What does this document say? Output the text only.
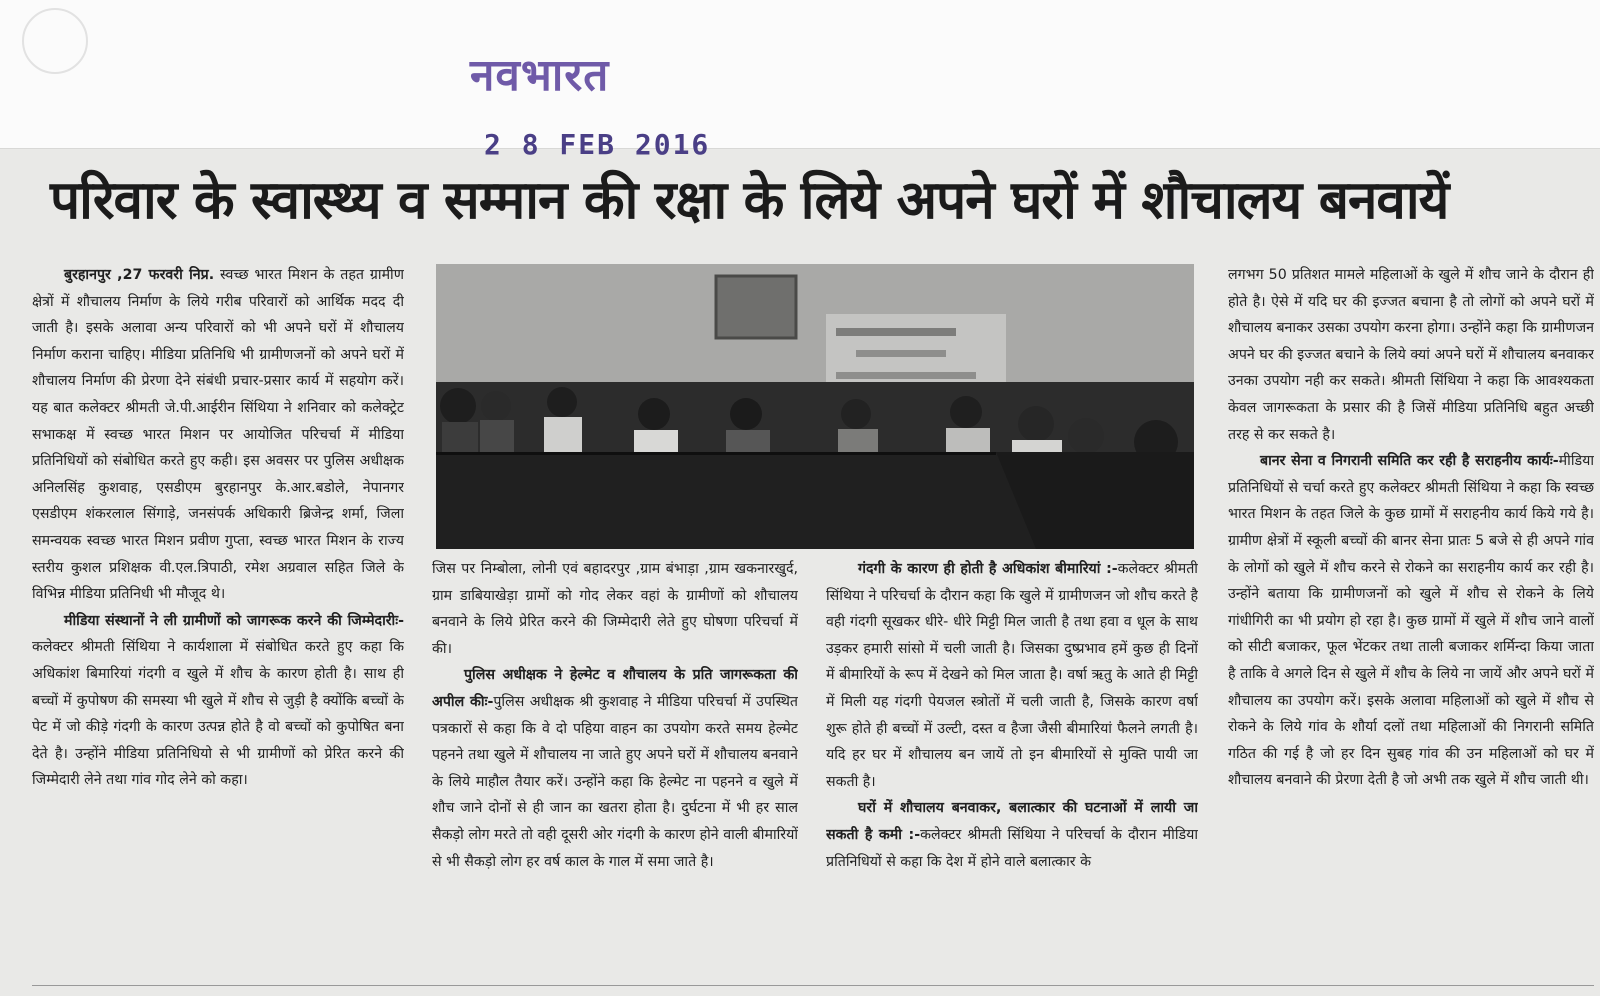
नवभारत

2 8 FEB 2016

परिवार के स्वास्थ्य व सम्मान की रक्षा के लिये अपने घरों में शौचालय बनवायें

बुरहानपुर ,27 फरवरी निप्र. स्वच्छ भारत मिशन के तहत ग्रामीण क्षेत्रों में शौचालय निर्माण के लिये गरीब परिवारों को आर्थिक मदद दी जाती है। इसके अलावा अन्य परिवारों को भी अपने घरों में शौचालय निर्माण कराना चाहिए। मीडिया प्रतिनिधि भी ग्रामीणजनों को अपने घरों में शौचालय निर्माण की प्रेरणा देने संबंधी प्रचार-प्रसार कार्य में सहयोग करें। यह बात कलेक्टर श्रीमती जे.पी.आईरीन सिंथिया ने शनिवार को कलेक्ट्रेट सभाकक्ष में स्वच्छ भारत मिशन पर आयोजित परिचर्चा में मीडिया प्रतिनिधियों को संबोधित करते हुए कही। इस अवसर पर पुलिस अधीक्षक अनिलसिंह कुशवाह, एसडीएम बुरहानपुर के.आर.बडोले, नेपानगर एसडीएम शंकरलाल सिंगाड़े, जनसंपर्क अधिकारी ब्रिजेन्द्र शर्मा, जिला समन्वयक स्वच्छ भारत मिशन प्रवीण गुप्ता, स्वच्छ भारत मिशन के राज्य स्तरीय कुशल प्रशिक्षक वी.एल.त्रिपाठी, रमेश अग्रवाल सहित जिले के विभिन्न मीडिया प्रतिनिधी भी मौजूद थे।

मीडिया संस्थानों ने ली ग्रामीणों को जागरूक करने की जिम्मेदारीः-कलेक्टर श्रीमती सिंथिया ने कार्यशाला में संबोधित करते हुए कहा कि अधिकांश बिमारियां गंदगी व खुले में शौच के कारण होती है। साथ ही बच्चों में कुपोषण की समस्या भी खुले में शौच से जुड़ी है क्योंकि बच्चों के पेट में जो कीड़े गंदगी के कारण उत्पन्न होते है वो बच्चों को कुपोषित बना देते है। उन्होंने मीडिया प्रतिनिधियो से भी ग्रामीणों को प्रेरित करने की जिम्मेदारी लेने तथा गांव गोद लेने को कहा।

जिस पर निम्बोला, लोनी एवं बहादरपुर ,ग्राम बंभाड़ा ,ग्राम खकनारखुर्द, ग्राम डाबियाखेड़ा ग्रामों को गोद लेकर वहां के ग्रामीणों को शौचालय बनवाने के लिये प्रेरित करने की जिम्मेदारी लेते हुए घोषणा परिचर्चा में की।

पुलिस अधीक्षक ने हेल्मेट व शौचालय के प्रति जागरूकता की अपील कीः-पुलिस अधीक्षक श्री कुशवाह ने मीडिया परिचर्चा में उपस्थित पत्रकारों से कहा कि वे दो पहिया वाहन का उपयोग करते समय हेल्मेट पहनने तथा खुले में शौचालय ना जाते हुए अपने घरों में शौचालय बनवाने के लिये माहौल तैयार करें। उन्होंने कहा कि हेल्मेट ना पहनने व खुले में शौच जाने दोनों से ही जान का खतरा होता है। दुर्घटना में भी हर साल सैकड़ो लोग मरते तो वही दूसरी ओर गंदगी के कारण होने वाली बीमारियों से भी सैकड़ो लोग हर वर्ष काल के गाल में समा जाते है।

गंदगी के कारण ही होती है अधिकांश बीमारियां :-कलेक्टर श्रीमती सिंथिया ने परिचर्चा के दौरान कहा कि खुले में ग्रामीणजन जो शौच करते है वही गंदगी सूखकर धीरे- धीरे मिट्टी मिल जाती है तथा हवा व धूल के साथ उड़कर हमारी सांसो में चली जाती है। जिसका दुष्प्रभाव हमें कुछ ही दिनों में बीमारियों के रूप में देखने को मिल जाता है। वर्षा ऋतु के आते ही मिट्टी में मिली यह गंदगी पेयजल स्त्रोतों में चली जाती है, जिसके कारण वर्षा शुरू होते ही बच्चों में उल्टी, दस्त व हैजा जैसी बीमारियां फैलने लगती है। यदि हर घर में शौचालय बन जायें तो इन बीमारियों से मुक्ति पायी जा सकती है।

घरों में शौचालय बनवाकर, बलात्कार की घटनाओं में लायी जा सकती है कमी :-कलेक्टर श्रीमती सिंथिया ने परिचर्चा के दौरान मीडिया प्रतिनिधियों से कहा कि देश में होने वाले बलात्कार के

लगभग 50 प्रतिशत मामले महिलाओं के खुले में शौच जाने के दौरान ही होते है। ऐसे में यदि घर की इज्जत बचाना है तो लोगों को अपने घरों में शौचालय बनाकर उसका उपयोग करना होगा। उन्होंने कहा कि ग्रामीणजन अपने घर की इज्जत बचाने के लिये क्यां अपने घरों में शौचालय बनवाकर उनका उपयोग नही कर सकते। श्रीमती सिंथिया ने कहा कि आवश्यकता केवल जागरूकता के प्रसार की है जिसें मीडिया प्रतिनिधि बहुत अच्छी तरह से कर सकते है।

बानर सेना व निगरानी समिति कर रही है सराहनीय कार्यः-मीडिया प्रतिनिधियों से चर्चा करते हुए कलेक्टर श्रीमती सिंथिया ने कहा कि स्वच्छ भारत मिशन के तहत जिले के कुछ ग्रामों में सराहनीय कार्य किये गये है। ग्रामीण क्षेत्रों में स्कूली बच्चों की बानर सेना प्रातः 5 बजे से ही अपने गांव के लोगों को खुले में शौच करने से रोकने का सराहनीय कार्य कर रही है। उन्होंने बताया कि ग्रामीणजनों को खुले में शौच से रोकने के लिये गांधीगिरी का भी प्रयोग हो रहा है। कुछ ग्रामों में खुले में शौच जाने वालों को सीटी बजाकर, फूल भेंटकर तथा ताली बजाकर शर्मिन्दा किया जाता है ताकि वे अगले दिन से खुले में शौच के लिये ना जायें और अपने घरों में शौचालय का उपयोग करें। इसके अलावा महिलाओं को खुले में शौच से रोकने के लिये गांव के शौर्या दलों तथा महिलाओं की निगरानी समिति गठित की गई है जो हर दिन सुबह गांव की उन महिलाओं को घर में शौचालय बनवाने की प्रेरणा देती है जो अभी तक खुले में शौच जाती थी।
